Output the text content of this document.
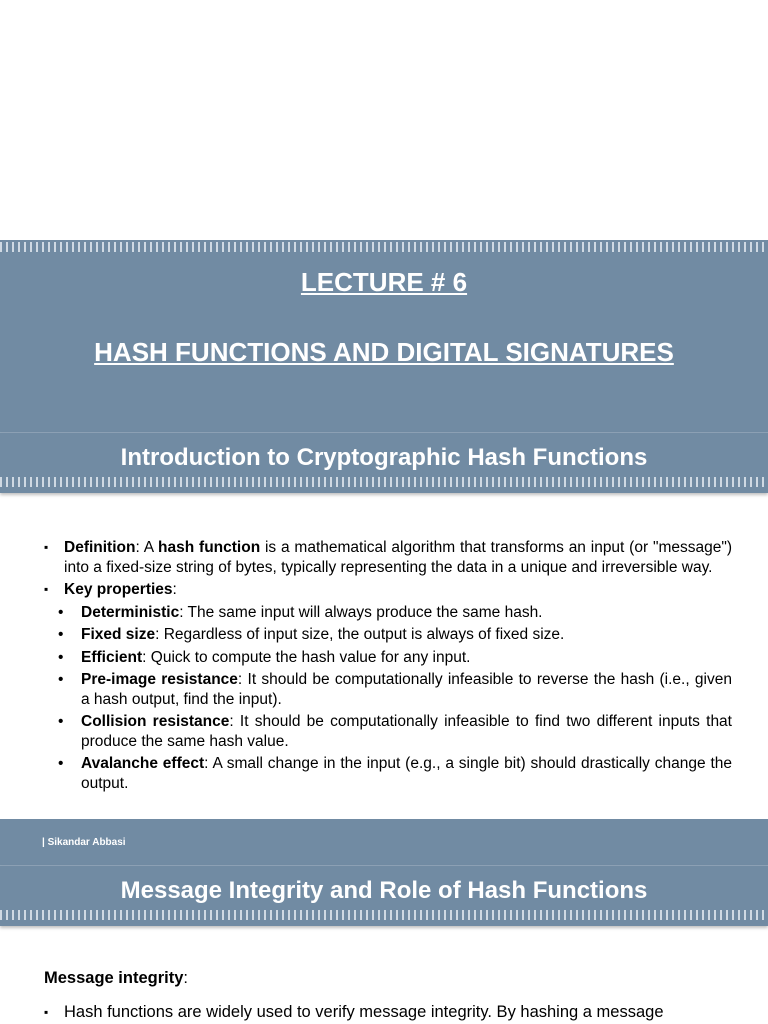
LECTURE # 6
HASH FUNCTIONS AND DIGITAL SIGNATURES
Introduction to Cryptographic Hash Functions
▪ Definition: A hash function is a mathematical algorithm that transforms an input (or "message") into a fixed-size string of bytes, typically representing the data in a unique and irreversible way.
▪ Key properties:
• Deterministic: The same input will always produce the same hash.
• Fixed size: Regardless of input size, the output is always of fixed size.
• Efficient: Quick to compute the hash value for any input.
• Pre-image resistance: It should be computationally infeasible to reverse the hash (i.e., given a hash output, find the input).
• Collision resistance: It should be computationally infeasible to find two different inputs that produce the same hash value.
• Avalanche effect: A small change in the input (e.g., a single bit) should drastically change the output.
| Sikandar Abbasi
Message Integrity and Role of Hash Functions

Message integrity:

▪ Hash functions are widely used to verify message integrity. By hashing a message
